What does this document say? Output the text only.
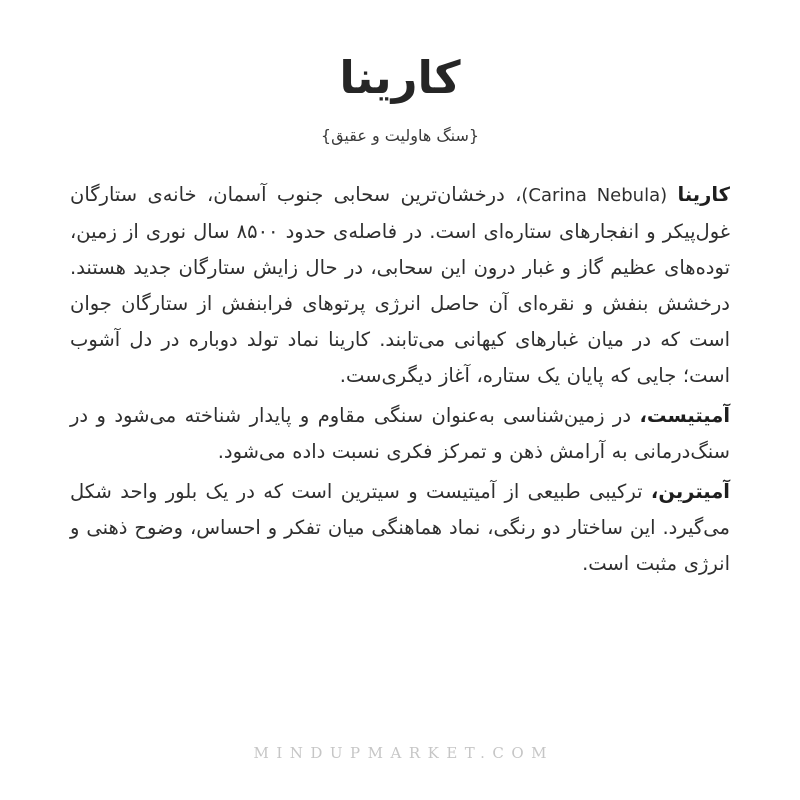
کارینا

{سنگ هاولیت و عقیق}

کارینا (Carina Nebula)، درخشان‌ترین سحابی جنوب آسمان، خانه‌ی ستارگان غول‌پیکر و انفجارهای ستاره‌ای است. در فاصله‌ی حدود ۸۵۰۰ سال نوری از زمین، توده‌های عظیم گاز و غبار درون این سحابی، در حال زایش ستارگان جدید هستند. درخشش بنفش و نقره‌ای آن حاصل انرژی پرتوهای فرابنفش از ستارگان جوان است که در میان غبارهای کیهانی می‌تابند. کارینا نماد تولد دوباره در دل آشوب است؛ جایی که پایان یک ستاره، آغاز دیگری‌ست.

آمیتیست، در زمین‌شناسی به‌عنوان سنگی مقاوم و پایدار شناخته می‌شود و در سنگ‌درمانی به آرامش ذهن و تمرکز فکری نسبت داده می‌شود.

آمیترین، ترکیبی طبیعی از آمیتیست و سیترین است که در یک بلور واحد شکل می‌گیرد. این ساختار دو رنگی، نماد هماهنگی میان تفکر و احساس، وضوح ذهنی و انرژی مثبت است.

MINDUPMARKET.COM
